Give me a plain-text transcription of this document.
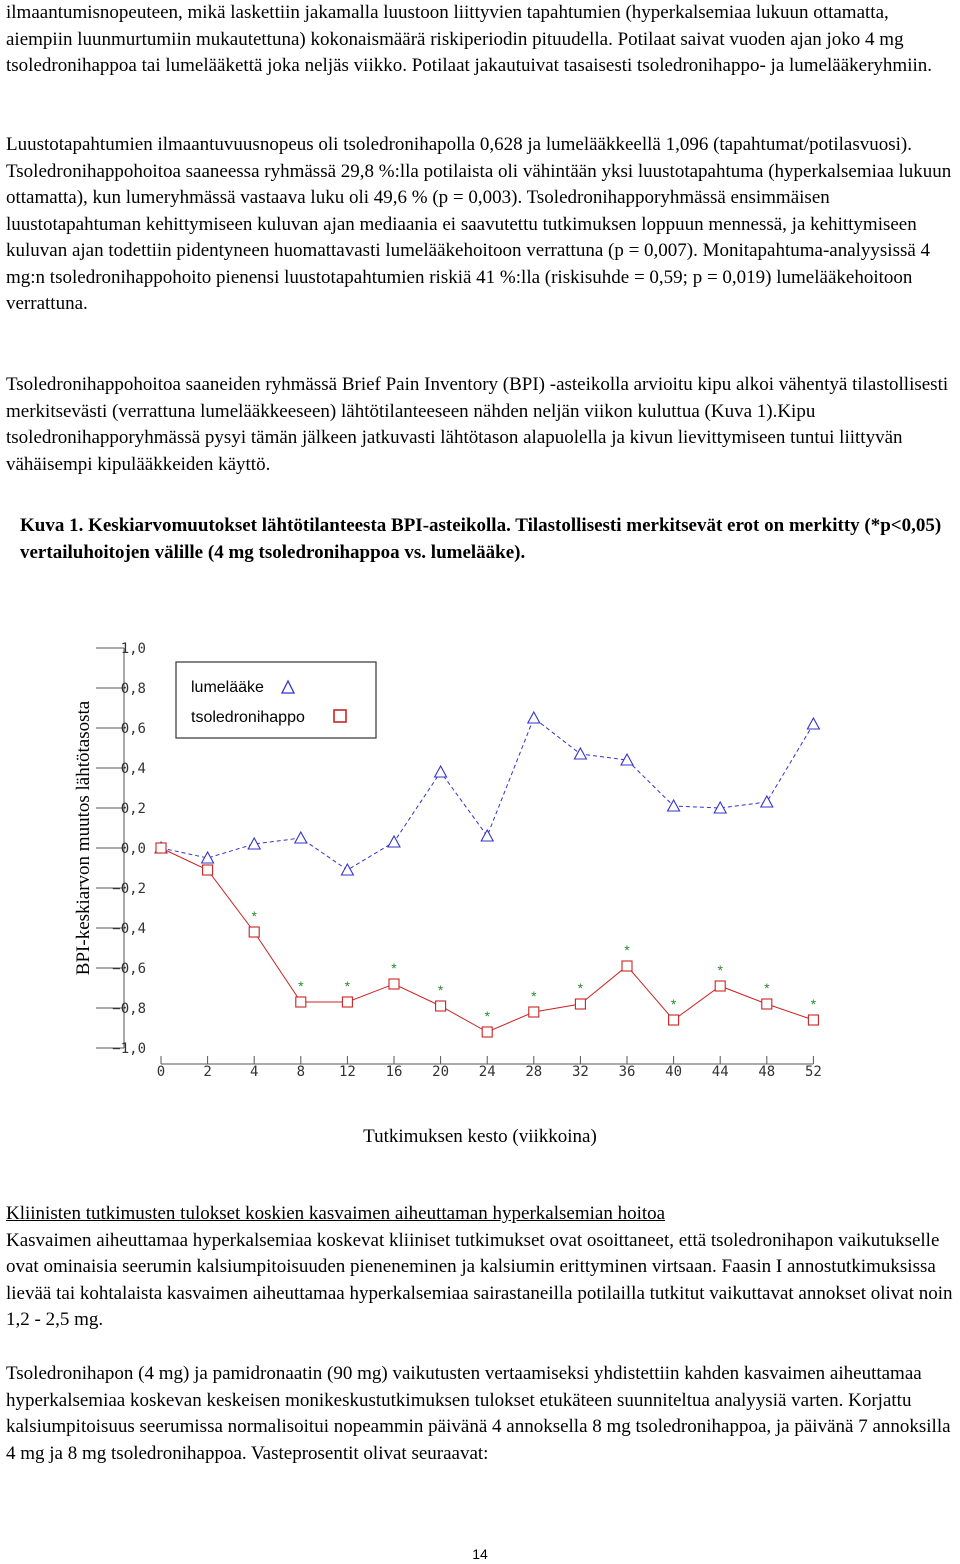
ilmaantumisnopeuteen, mikä laskettiin jakamalla luustoon liittyvien tapahtumien (hyperkalsemiaa lukuun ottamatta, aiempiin luunmurtumiin mukautettuna) kokonaismäärä riskiperiodin pituudella. Potilaat saivat vuoden ajan joko 4 mg tsoledronihappoa tai lumelääkettä joka neljäs viikko. Potilaat jakautuivat tasaisesti tsoledronihappo- ja lumelääkeryhmiin.

Luustotapahtumien ilmaantuvuusnopeus oli tsoledronihapolla 0,628 ja lumelääkkeellä 1,096 (tapahtumat/potilasvuosi). Tsoledronihappohoitoa saaneessa ryhmässä 29,8 %:lla potilaista oli vähintään yksi luustotapahtuma (hyperkalsemiaa lukuun ottamatta), kun lumeryhmässä vastaava luku oli 49,6 % (p = 0,003). Tsoledronihapporyhmässä ensimmäisen luustotapahtuman kehittymiseen kuluvan ajan mediaania ei saavutettu tutkimuksen loppuun mennessä, ja kehittymiseen kuluvan ajan todettiin pidentyneen huomattavasti lumelääkehoitoon verrattuna (p = 0,007). Monitapahtuma-analyysissä 4 mg:n tsoledronihappohoito pienensi luustotapahtumien riskiä 41 %:lla (riskisuhde = 0,59; p = 0,019) lumelääkehoitoon verrattuna.

Tsoledronihappohoitoa saaneiden ryhmässä Brief Pain Inventory (BPI) -asteikolla arvioitu kipu alkoi vähentyä tilastollisesti merkitsevästi (verrattuna lumelääkkeeseen) lähtötilanteeseen nähden neljän viikon kuluttua (Kuva 1).Kipu tsoledronihapporyhmässä pysyi tämän jälkeen jatkuvasti lähtötason alapuolella ja kivun lievittymiseen tuntui liittyvän vähäisempi kipulääkkeiden käyttö.

Kuva 1. Keskiarvomuutokset lähtötilanteesta BPI-asteikolla. Tilastollisesti merkitsevät erot on merkitty (*p<0,05) vertailuhoitojen välille (4 mg tsoledronihappoa vs. lumelääke).

1,0
0,8
0,6
0,4
0,2
0,0
−0,2
−0,4
−0,6
−0,8
−1,0
0	2	4	8 12 16 20 24 28 32 36 40 44 48 52
Tutkimuksen kesto (viikkoina)
BPI-keskiarvon muutos lähtötasosta	*
*	*
*
*
*
*	*
*
*
*
*
*
lumelääke
tsoledronihappo
Kliinisten tutkimusten tulokset koskien kasvaimen aiheuttaman hyperkalsemian hoitoa
Kasvaimen aiheuttamaa hyperkalsemiaa koskevat kliiniset tutkimukset ovat osoittaneet, että tsoledronihapon vaikutukselle ovat ominaisia seerumin kalsiumpitoisuuden pieneneminen ja kalsiumin erittyminen virtsaan. Faasin I annostutkimuksissa lievää tai kohtalaista kasvaimen aiheuttamaa hyperkalsemiaa sairastaneilla potilailla tutkitut vaikuttavat annokset olivat noin 1,2 - 2,5 mg.

Tsoledronihapon (4 mg) ja pamidronaatin (90 mg) vaikutusten vertaamiseksi yhdistettiin kahden kasvaimen aiheuttamaa hyperkalsemiaa koskevan keskeisen monikeskustutkimuksen tulokset etukäteen suunniteltua analyysiä varten. Korjattu kalsiumpitoisuus seerumissa normalisoitui nopeammin päivänä 4 annoksella 8 mg tsoledronihappoa, ja päivänä 7 annoksilla 4 mg ja 8 mg tsoledronihappoa. Vasteprosentit olivat seuraavat:

14
